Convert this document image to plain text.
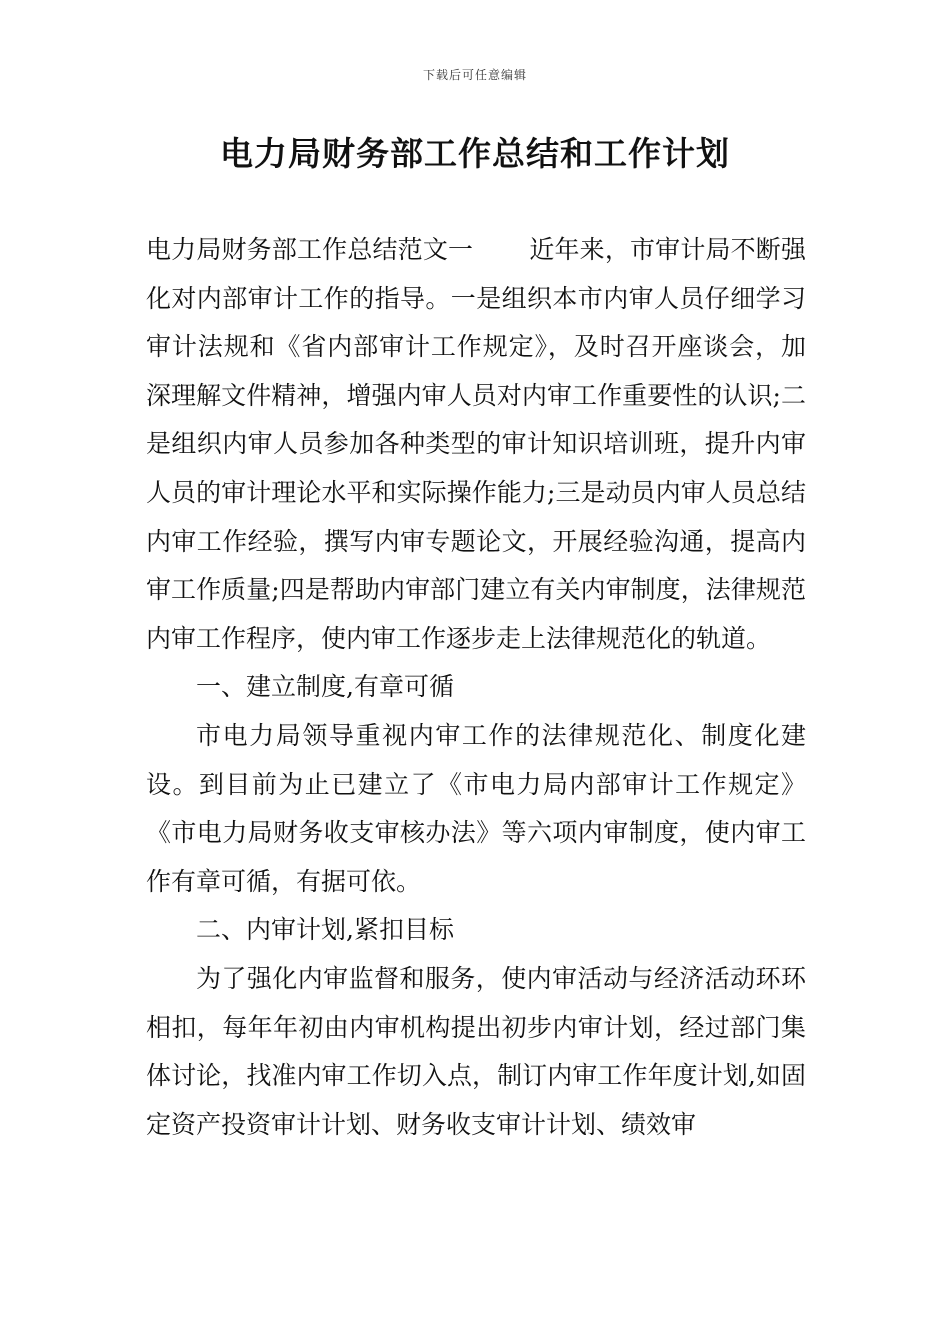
下载后可任意编辑
电力局财务部工作总结和工作计划

电力局财务部工作总结范文一 近年来，市审计局不断强化对内部审计工作的指导。一是组织本市内审人员仔细学习审计法规和《省内部审计工作规定》，及时召开座谈会，加深理解文件精神，增强内审人员对内审工作重要性的认识;二是组织内审人员参加各种类型的审计知识培训班，提升内审人员的审计理论水平和实际操作能力;三是动员内审人员总结内审工作经验，撰写内审专题论文，开展经验沟通，提高内审工作质量;四是帮助内审部门建立有关内审制度，法律规范内审工作程序，使内审工作逐步走上法律规范化的轨道。

一、建立制度,有章可循

市电力局领导重视内审工作的法律规范化、制度化建设。到目前为止已建立了《市电力局内部审计工作规定》《市电力局财务收支审核办法》等六项内审制度，使内审工作有章可循，有据可依。

二、内审计划,紧扣目标

为了强化内审监督和服务，使内审活动与经济活动环环相扣，每年年初由内审机构提出初步内审计划，经过部门集体讨论，找准内审工作切入点，制订内审工作年度计划,如固定资产投资审计计划、财务收支审计计划、绩效审
